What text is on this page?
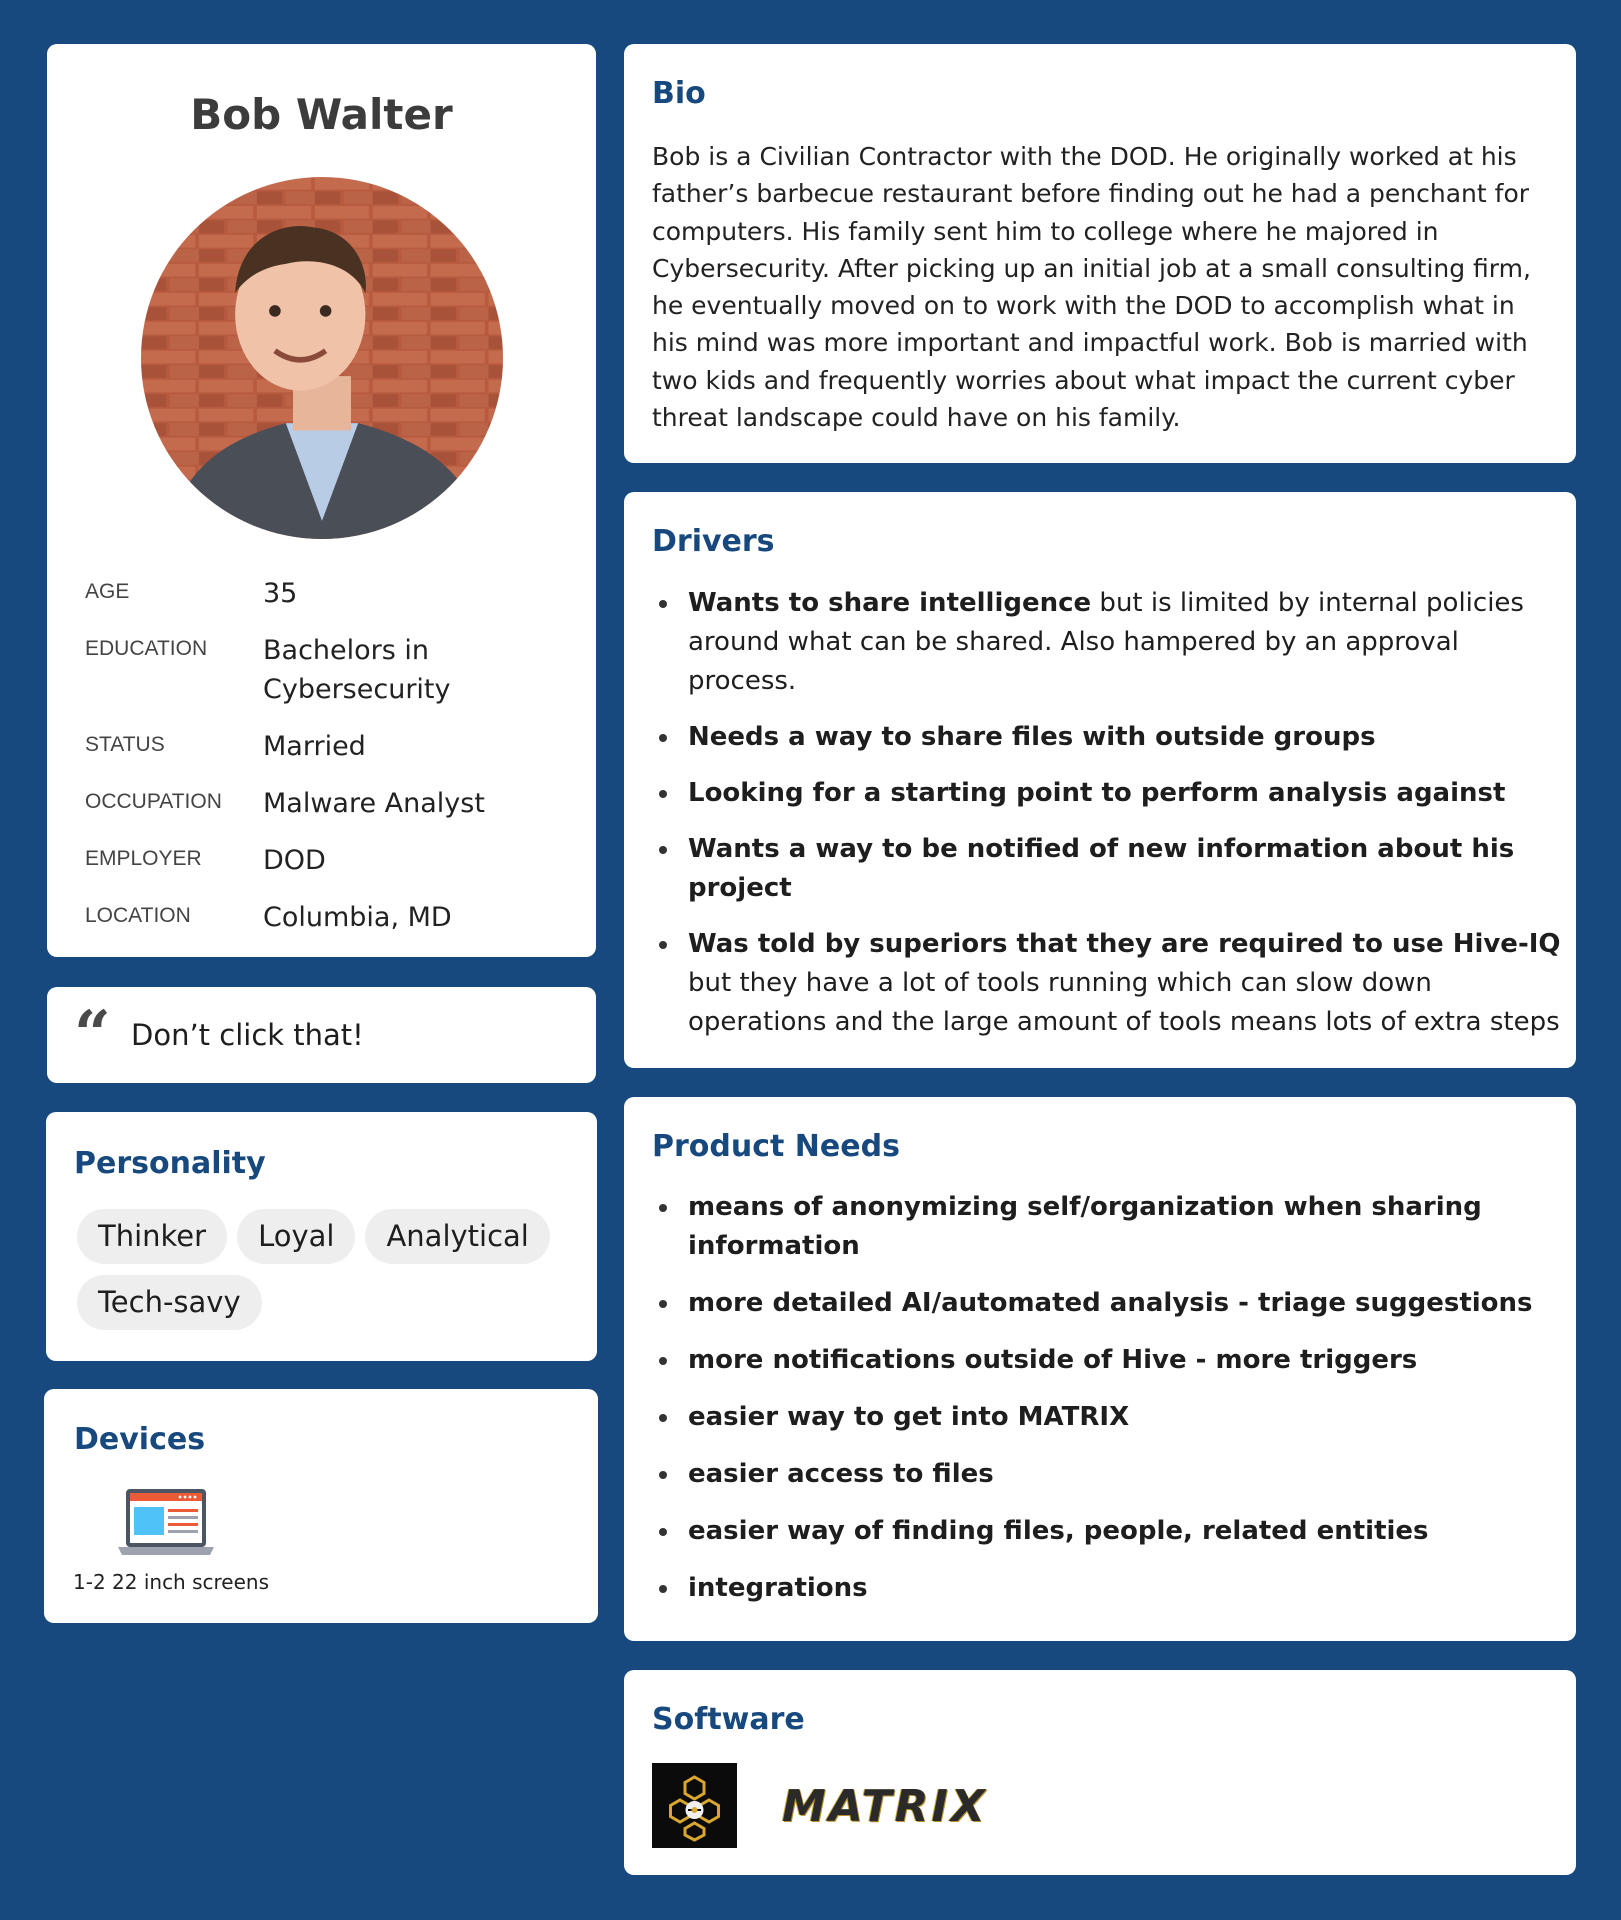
Bob Walter
AGE	35
EDUCATION	Bachelors in Cybersecurity
STATUS	Married
OCCUPATION	Malware Analyst
EMPLOYER	DOD
LOCATION	Columbia, MD
“ Don’t click that!
Personality
Thinker	Loyal	Analytical
Tech-savy
Devices
1-2 22 inch screens
Bio
Bob is a Civilian Contractor with the DOD. He originally worked at his father’s barbecue restaurant before finding out he had a penchant for computers. His family sent him to college where he majored in Cybersecurity. After picking up an initial job at a small consulting firm, he eventually moved on to work with the DOD to accomplish what in his mind was more important and impactful work. Bob is married with two kids and frequently worries about what impact the current cyber threat landscape could have on his family.
Drivers
Wants to share intelligence but is limited by internal policies around what can be shared. Also hampered by an approval process.
Needs a way to share files with outside groups
Looking for a starting point to perform analysis against
Wants a way to be notified of new information about his project
Was told by superiors that they are required to use Hive-IQ but they have a lot of tools running which can slow down operations and the large amount of tools means lots of extra steps
Product Needs
means of anonymizing self/organization when sharing information
more detailed AI/automated analysis - triage suggestions
more notifications outside of Hive - more triggers
easier way to get into MATRIX
easier access to files
easier way of finding files, people, related entities
integrations
Software
MATRIX
